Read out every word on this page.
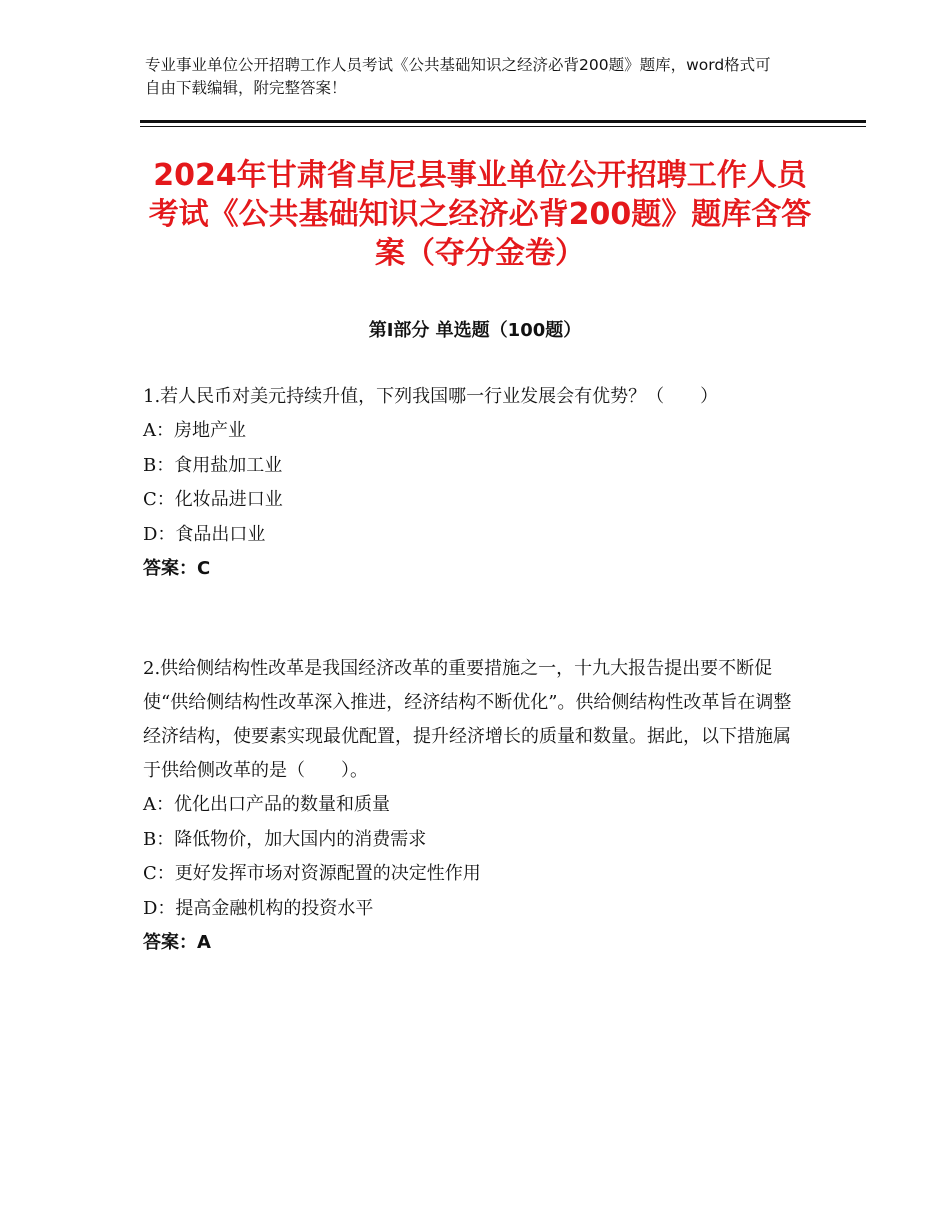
专业事业单位公开招聘工作人员考试《公共基础知识之经济必背200题》题库，word格式可自由下载编辑，附完整答案！
2024年甘肃省卓尼县事业单位公开招聘工作人员考试《公共基础知识之经济必背200题》题库含答案（夺分金卷）
第Ⅰ部分 单选题（100题）
1.若人民币对美元持续升值，下列我国哪一行业发展会有优势？（　　）
A：房地产业
B：食用盐加工业
C：化妆品进口业
D：食品出口业
答案：C
2.供给侧结构性改革是我国经济改革的重要措施之一，十九大报告提出要不断促使“供给侧结构性改革深入推进，经济结构不断优化”。供给侧结构性改革旨在调整经济结构，使要素实现最优配置，提升经济增长的质量和数量。据此，以下措施属于供给侧改革的是（　　）。
A：优化出口产品的数量和质量
B：降低物价，加大国内的消费需求
C：更好发挥市场对资源配置的决定性作用
D：提高金融机构的投资水平
答案：A
